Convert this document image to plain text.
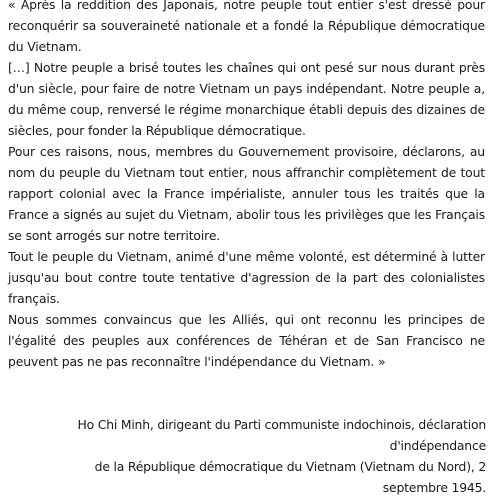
« Après la reddition des Japonais, notre peuple tout entier s'est dressé pour reconquérir sa souveraineté nationale et a fondé la République démocratique du Vietnam.

[…] Notre peuple a brisé toutes les chaînes qui ont pesé sur nous durant près d'un siècle, pour faire de notre Vietnam un pays indépendant. Notre peuple a, du même coup, renversé le régime monarchique établi depuis des dizaines de siècles, pour fonder la République démocratique.

Pour ces raisons, nous, membres du Gouvernement provisoire, déclarons, au nom du peuple du Vietnam tout entier, nous affranchir complètement de tout rapport colonial avec la France impérialiste, annuler tous les traités que la France a signés au sujet du Vietnam, abolir tous les privilèges que les Français se sont arrogés sur notre territoire.

Tout le peuple du Vietnam, animé d'une même volonté, est déterminé à lutter jusqu'au bout contre toute tentative d'agression de la part des colonialistes français.

Nous sommes convaincus que les Alliés, qui ont reconnu les principes de l'égalité des peuples aux conférences de Téhéran et de San Francisco ne peuvent pas ne pas reconnaître l'indépendance du Vietnam. »

Ho Chi Minh, dirigeant du Parti communiste indochinois, déclaration d'indépendance
de la République démocratique du Vietnam (Vietnam du Nord), 2 septembre 1945.
